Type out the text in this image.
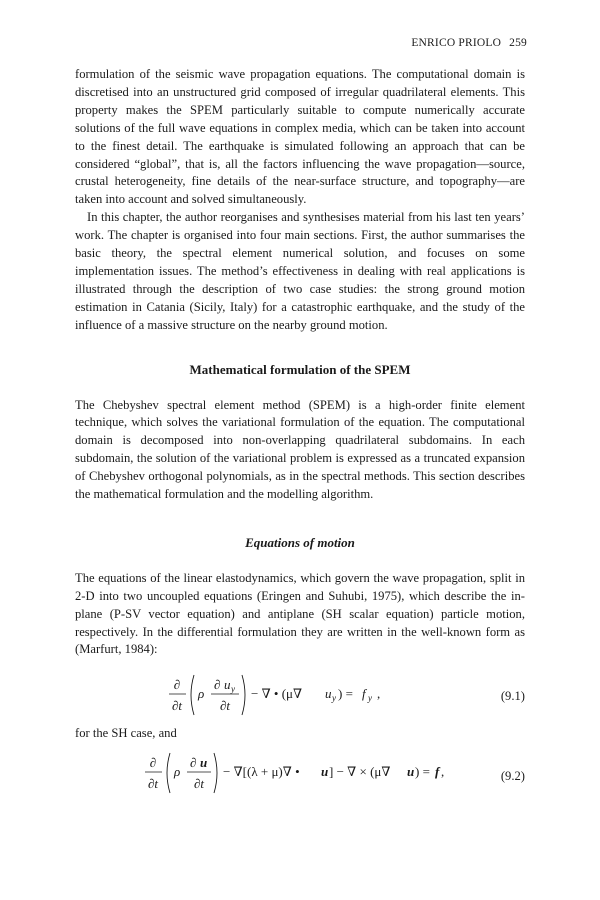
ENRICO PRIOLO 259

formulation of the seismic wave propagation equations. The computational domain is discretised into an unstructured grid composed of irregular quadrilateral elements. This property makes the SPEM particularly suitable to compute numerically accurate solutions of the full wave equations in complex media, which can be taken into account to the finest detail. The earthquake is simulated following an approach that can be considered “global”, that is, all the factors influencing the wave propagation—source, crustal heterogeneity, fine details of the near-surface structure, and topography—are taken into account and solved simultaneously.

In this chapter, the author reorganises and synthesises material from his last ten years’ work. The chapter is organised into four main sections. First, the author summarises the basic theory, the spectral element numerical solution, and focuses on some implementation issues. The method’s effectiveness in dealing with real applications is illustrated through the description of two case studies: the strong ground motion estimation in Catania (Sicily, Italy) for a catastrophic earthquake, and the study of the influence of a massive structure on the nearby ground motion.

Mathematical formulation of the SPEM

The Chebyshev spectral element method (SPEM) is a high-order finite element technique, which solves the variational formulation of the equation. The computational domain is decomposed into non-overlapping quadrilateral subdomains. In each subdomain, the solution of the variational problem is expressed as a truncated expansion of Chebyshev orthogonal polynomials, as in the spectral methods. This section describes the mathematical formulation and the modelling algorithm.

Equations of motion

The equations of the linear elastodynamics, which govern the wave propagation, split in 2-D into two uncoupled equations (Eringen and Suhubi, 1975), which describe the in-plane (P-SV vector equation) and antiplane (SH scalar equation) particle motion, respectively. In the differential formulation they are written in the well-known form as (Marfurt, 1984):

∂
∂t
ρ
∂ u y
∂t
− ∇ • (μ∇ u y ) = f y ,	(9.1)

for the SH case, and

∂
∂t
ρ
∂ u
∂t
− ∇[(λ + μ)∇ • u ] − ∇ × (μ∇ u ) = f ,	(9.2)
